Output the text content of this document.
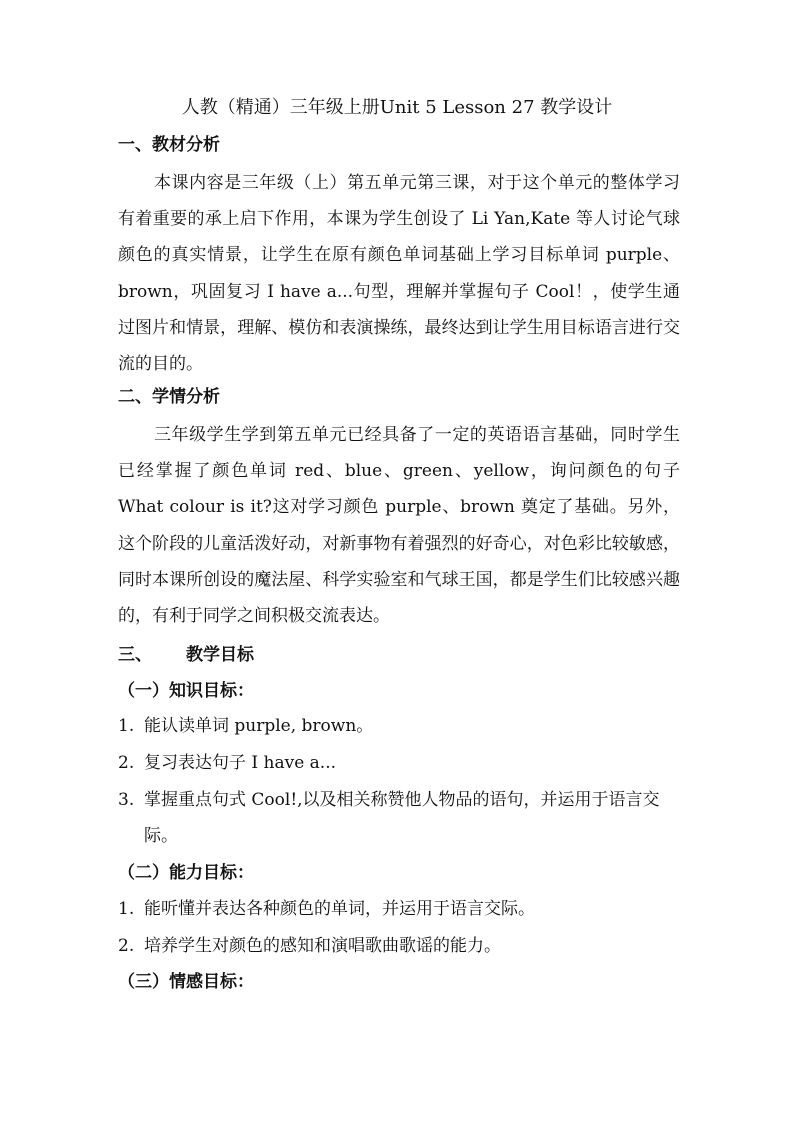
人教（精通）三年级上册Unit 5 Lesson 27 教学设计
一、教材分析
本课内容是三年级（上）第五单元第三课，对于这个单元的整体学习有着重要的承上启下作用，本课为学生创设了 Li Yan,Kate 等人讨论气球颜色的真实情景，让学生在原有颜色单词基础上学习目标单词 purple、brown，巩固复习 I have a...句型，理解并掌握句子 Cool！，使学生通过图片和情景，理解、模仿和表演操练，最终达到让学生用目标语言进行交流的目的。
二、学情分析
三年级学生学到第五单元已经具备了一定的英语语言基础，同时学生已经掌握了颜色单词 red、blue、green、yellow，询问颜色的句子 What colour is it?这对学习颜色 purple、brown 奠定了基础。另外，这个阶段的儿童活泼好动，对新事物有着强烈的好奇心，对色彩比较敏感，同时本课所创设的魔法屋、科学实验室和气球王国，都是学生们比较感兴趣的，有利于同学之间积极交流表达。
三、 教学目标
（一）知识目标：
1. 能认读单词 purple, brown。
2. 复习表达句子 I have a...
3. 掌握重点句式 Cool!,以及相关称赞他人物品的语句，并运用于语言交际。
（二）能力目标：
1. 能听懂并表达各种颜色的单词，并运用于语言交际。
2. 培养学生对颜色的感知和演唱歌曲歌谣的能力。
（三）情感目标：
